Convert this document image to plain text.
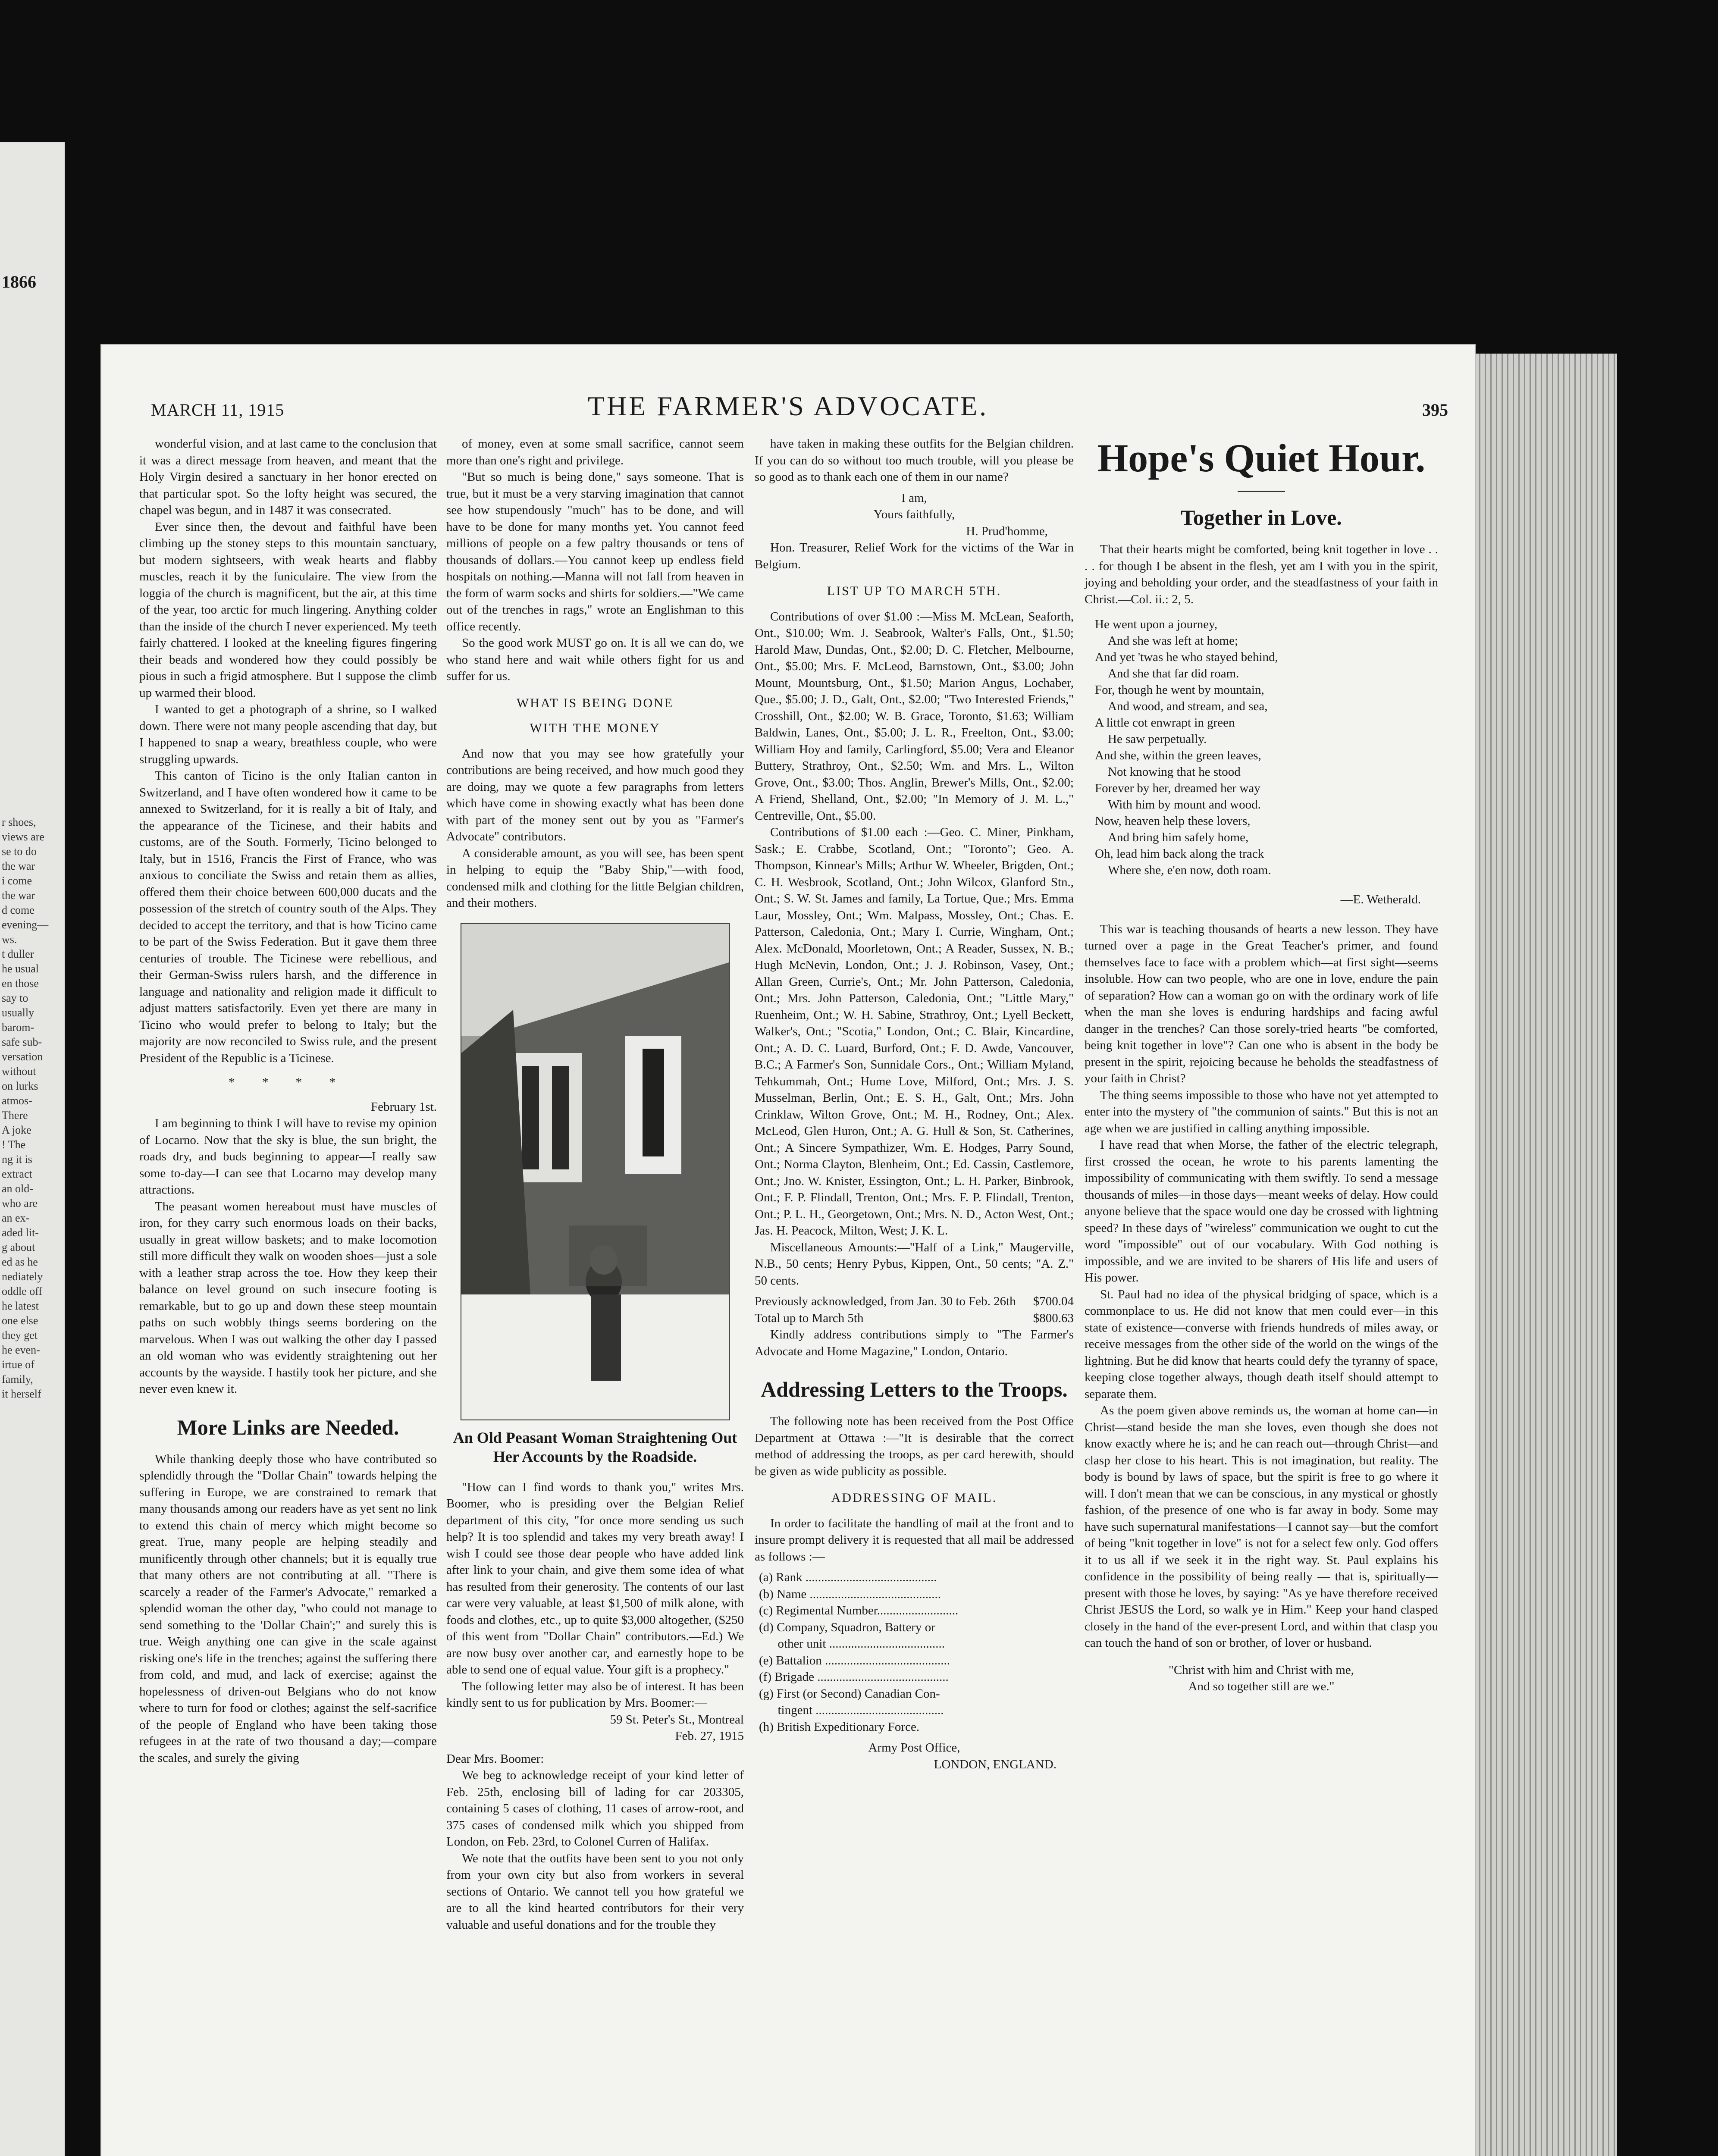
1866
r shoes,
views are
se to do
the war
i come
the war
d come
evening—
ws.
t duller
he usual
en those
say to
usually
barom-
safe sub-
versation
without
on lurks
atmos-
There
A joke
! The
ng it is
extract
an old-
who are
an ex-
aded lit-
g about
ed as he
nediately
oddle off
he latest
one else
they get
he even-
irtue of
family,
it herself
MARCH 11, 1915	THE FARMER'S ADVOCATE.	395

wonderful vision, and at last came to the conclusion that it was a direct message from heaven, and meant that the Holy Virgin desired a sanctuary in her honor erected on that particular spot. So the lofty height was secured, the chapel was begun, and in 1487 it was consecrated.

Ever since then, the devout and faithful have been climbing up the stoney steps to this mountain sanctuary, but modern sightseers, with weak hearts and flabby muscles, reach it by the funiculaire. The view from the loggia of the church is magnificent, but the air, at this time of the year, too arctic for much lingering. Anything colder than the inside of the church I never experienced. My teeth fairly chattered. I looked at the kneeling figures fingering their beads and wondered how they could possibly be pious in such a frigid atmosphere. But I suppose the climb up warmed their blood.

I wanted to get a photograph of a shrine, so I walked down. There were not many people ascending that day, but I happened to snap a weary, breathless couple, who were struggling upwards.

This canton of Ticino is the only Italian canton in Switzerland, and I have often wondered how it came to be annexed to Switzerland, for it is really a bit of Italy, and the appearance of the Ticinese, and their habits and customs, are of the South. Formerly, Ticino belonged to Italy, but in 1516, Francis the First of France, who was anxious to conciliate the Swiss and retain them as allies, offered them their choice between 600,000 ducats and the possession of the stretch of country south of the Alps. They decided to accept the territory, and that is how Ticino came to be part of the Swiss Federation. But it gave them three centuries of trouble. The Ticinese were rebellious, and their German-Swiss rulers harsh, and the difference in language and nationality and religion made it difficult to adjust matters satisfactorily. Even yet there are many in Ticino who would prefer to belong to Italy; but the majority are now reconciled to Swiss rule, and the present President of the Republic is a Ticinese.

* * * *
February 1st.

I am beginning to think I will have to revise my opinion of Locarno. Now that the sky is blue, the sun bright, the roads dry, and buds beginning to appear—I really saw some to-day—I can see that Locarno may develop many attractions.

The peasant women hereabout must have muscles of iron, for they carry such enormous loads on their backs, usually in great willow baskets; and to make locomotion still more difficult they walk on wooden shoes—just a sole with a leather strap across the toe. How they keep their balance on level ground on such insecure footing is remarkable, but to go up and down these steep mountain paths on such wobbly things seems bordering on the marvelous. When I was out walking the other day I passed an old woman who was evidently straightening out her accounts by the wayside. I hastily took her picture, and she never even knew it.

More Links are Needed.

While thanking deeply those who have contributed so splendidly through the "Dollar Chain" towards helping the suffering in Europe, we are constrained to remark that many thousands among our readers have as yet sent no link to extend this chain of mercy which might become so great. True, many people are helping steadily and munificently through other channels; but it is equally true that many others are not contributing at all. "There is scarcely a reader of the Farmer's Advocate," remarked a splendid woman the other day, "who could not manage to send something to the 'Dollar Chain';" and surely this is true. Weigh anything one can give in the scale against risking one's life in the trenches; against the suffering there from cold, and mud, and lack of exercise; against the hopelessness of driven-out Belgians who do not know where to turn for food or clothes; against the self-sacrifice of the people of England who have been taking those refugees in at the rate of two thousand a day;—compare the scales, and surely the giving

of money, even at some small sacrifice, cannot seem more than one's right and privilege.

"But so much is being done," says someone. That is true, but it must be a very starving imagination that cannot see how stupendously "much" has to be done, and will have to be done for many months yet. You cannot feed millions of people on a few paltry thousands or tens of thousands of dollars.—You cannot keep up endless field hospitals on nothing.—Manna will not fall from heaven in the form of warm socks and shirts for soldiers.—"We came out of the trenches in rags," wrote an Englishman to this office recently.

So the good work MUST go on. It is all we can do, we who stand here and wait while others fight for us and suffer for us.

WHAT IS BEING DONE
WITH THE MONEY

And now that you may see how gratefully your contributions are being received, and how much good they are doing, may we quote a few paragraphs from letters which have come in showing exactly what has been done with part of the money sent out by you as "Farmer's Advocate" contributors.

A considerable amount, as you will see, has been spent in helping to equip the "Baby Ship,"—with food, condensed milk and clothing for the little Belgian children, and their mothers.

An Old Peasant Woman Straightening Out Her Accounts by the Roadside.

"How can I find words to thank you," writes Mrs. Boomer, who is presiding over the Belgian Relief department of this city, "for once more sending us such help? It is too splendid and takes my very breath away! I wish I could see those dear people who have added link after link to your chain, and give them some idea of what has resulted from their generosity. The contents of our last car were very valuable, at least $1,500 of milk alone, with foods and clothes, etc., up to quite $3,000 altogether, ($250 of this went from "Dollar Chain" contributors.—Ed.) We are now busy over another car, and earnestly hope to be able to send one of equal value. Your gift is a prophecy."

The following letter may also be of interest. It has been kindly sent to us for publication by Mrs. Boomer:—

59 St. Peter's St., Montreal
Feb. 27, 1915
Dear Mrs. Boomer:

We beg to acknowledge receipt of your kind letter of Feb. 25th, enclosing bill of lading for car 203305, containing 5 cases of clothing, 11 cases of arrow-root, and 375 cases of condensed milk which you shipped from London, on Feb. 23rd, to Colonel Curren of Halifax.

We note that the outfits have been sent to you not only from your own city but also from workers in several sections of Ontario. We cannot tell you how grateful we are to all the kind hearted contributors for their very valuable and useful donations and for the trouble they

have taken in making these outfits for the Belgian children. If you can do so without too much trouble, will you please be so good as to thank each one of them in our name?

I am,
Yours faithfully,
H. Prud'homme,

Hon. Treasurer, Relief Work for the victims of the War in Belgium.

LIST UP TO MARCH 5TH.

Contributions of over $1.00 :—Miss M. McLean, Seaforth, Ont., $10.00; Wm. J. Seabrook, Walter's Falls, Ont., $1.50; Harold Maw, Dundas, Ont., $2.00; D. C. Fletcher, Melbourne, Ont., $5.00; Mrs. F. McLeod, Barnstown, Ont., $3.00; John Mount, Mountsburg, Ont., $1.50; Marion Angus, Lochaber, Que., $5.00; J. D., Galt, Ont., $2.00; "Two Interested Friends," Crosshill, Ont., $2.00; W. B. Grace, Toronto, $1.63; William Baldwin, Lanes, Ont., $5.00; J. L. R., Freelton, Ont., $3.00; William Hoy and family, Carlingford, $5.00; Vera and Eleanor Buttery, Strathroy, Ont., $2.50; Wm. and Mrs. L., Wilton Grove, Ont., $3.00; Thos. Anglin, Brewer's Mills, Ont., $2.00; A Friend, Shelland, Ont., $2.00; "In Memory of J. M. L.," Centreville, Ont., $5.00.

Contributions of $1.00 each :—Geo. C. Miner, Pinkham, Sask.; E. Crabbe, Scotland, Ont.; "Toronto"; Geo. A. Thompson, Kinnear's Mills; Arthur W. Wheeler, Brigden, Ont.; C. H. Wesbrook, Scotland, Ont.; John Wilcox, Glanford Stn., Ont.; S. W. St. James and family, La Tortue, Que.; Mrs. Emma Laur, Mossley, Ont.; Wm. Malpass, Mossley, Ont.; Chas. E. Patterson, Caledonia, Ont.; Mary I. Currie, Wingham, Ont.; Alex. McDonald, Moorletown, Ont.; A Reader, Sussex, N. B.; Hugh McNevin, London, Ont.; J. J. Robinson, Vasey, Ont.; Allan Green, Currie's, Ont.; Mr. John Patterson, Caledonia, Ont.; Mrs. John Patterson, Caledonia, Ont.; "Little Mary," Ruenheim, Ont.; W. H. Sabine, Strathroy, Ont.; Lyell Beckett, Walker's, Ont.; "Scotia," London, Ont.; C. Blair, Kincardine, Ont.; A. D. C. Luard, Burford, Ont.; F. D. Awde, Vancouver, B.C.; A Farmer's Son, Sunnidale Cors., Ont.; William Myland, Tehkummah, Ont.; Hume Love, Milford, Ont.; Mrs. J. S. Musselman, Berlin, Ont.; E. S. H., Galt, Ont.; Mrs. John Crinklaw, Wilton Grove, Ont.; M. H., Rodney, Ont.; Alex. McLeod, Glen Huron, Ont.; A. G. Hull & Son, St. Catherines, Ont.; A Sincere Sympathizer, Wm. E. Hodges, Parry Sound, Ont.; Norma Clayton, Blenheim, Ont.; Ed. Cassin, Castlemore, Ont.; Jno. W. Knister, Essington, Ont.; L. H. Parker, Binbrook, Ont.; F. P. Flindall, Trenton, Ont.; Mrs. F. P. Flindall, Trenton, Ont.; P. L. H., Georgetown, Ont.; Mrs. N. D., Acton West, Ont.; Jas. H. Peacock, Milton, West; J. K. L.

Miscellaneous Amounts:—"Half of a Link," Maugerville, N.B., 50 cents; Henry Pybus, Kippen, Ont., 50 cents; "A. Z." 50 cents.

Previously acknowledged, from Jan. 30 to Feb. 26th $700.04
Total up to March 5th	$800.63

Kindly address contributions simply to "The Farmer's Advocate and Home Magazine," London, Ontario.

Addressing Letters to the Troops.

The following note has been received from the Post Office Department at Ottawa :—"It is desirable that the correct method of addressing the troops, as per card herewith, should be given as wide publicity as possible.

ADDRESSING OF MAIL.

In order to facilitate the handling of mail at the front and to insure prompt delivery it is requested that all mail be addressed as follows :—

(a) Rank ..........................................
(b) Name ..........................................
(c) Regimental Number..........................
(d) Company, Squadron, Battery or
other unit .....................................
(e) Battalion ........................................
(f) Brigade ..........................................
(g) First (or Second) Canadian Con-
tingent .........................................
(h) British Expeditionary Force.
Army Post Office,
LONDON, ENGLAND.
Hope's Quiet Hour.
Together in Love.

That their hearts might be comforted, being knit together in love . . . . for though I be absent in the flesh, yet am I with you in the spirit, joying and beholding your order, and the steadfastness of your faith in Christ.—Col. ii.: 2, 5.

He went upon a journey,
And she was left at home;
And yet 'twas he who stayed behind,
And she that far did roam.
For, though he went by mountain,
And wood, and stream, and sea,
A little cot enwrapt in green
He saw perpetually.
And she, within the green leaves,
Not knowing that he stood
Forever by her, dreamed her way
With him by mount and wood.
Now, heaven help these lovers,
And bring him safely home,
Oh, lead him back along the track
Where she, e'en now, doth roam.
—E. Wetherald.

This war is teaching thousands of hearts a new lesson. They have turned over a page in the Great Teacher's primer, and found themselves face to face with a problem which—at first sight—seems insoluble. How can two people, who are one in love, endure the pain of separation? How can a woman go on with the ordinary work of life when the man she loves is enduring hardships and facing awful danger in the trenches? Can those sorely-tried hearts "be comforted, being knit together in love"? Can one who is absent in the body be present in the spirit, rejoicing because he beholds the steadfastness of your faith in Christ?

The thing seems impossible to those who have not yet attempted to enter into the mystery of "the communion of saints." But this is not an age when we are justified in calling anything impossible.

I have read that when Morse, the father of the electric telegraph, first crossed the ocean, he wrote to his parents lamenting the impossibility of communicating with them swiftly. To send a message thousands of miles—in those days—meant weeks of delay. How could anyone believe that the space would one day be crossed with lightning speed? In these days of "wireless" communication we ought to cut the word "impossible" out of our vocabulary. With God nothing is impossible, and we are invited to be sharers of His life and users of His power.

St. Paul had no idea of the physical bridging of space, which is a commonplace to us. He did not know that men could ever—in this state of existence—converse with friends hundreds of miles away, or receive messages from the other side of the world on the wings of the lightning. But he did know that hearts could defy the tyranny of space, keeping close together always, though death itself should attempt to separate them.

As the poem given above reminds us, the woman at home can—in Christ—stand beside the man she loves, even though she does not know exactly where he is; and he can reach out—through Christ—and clasp her close to his heart. This is not imagination, but reality. The body is bound by laws of space, but the spirit is free to go where it will. I don't mean that we can be conscious, in any mystical or ghostly fashion, of the presence of one who is far away in body. Some may have such supernatural manifestations—I cannot say—but the comfort of being "knit together in love" is not for a select few only. God offers it to us all if we seek it in the right way. St. Paul explains his confidence in the possibility of being really — that is, spiritually—present with those he loves, by saying: "As ye have therefore received Christ JESUS the Lord, so walk ye in Him." Keep your hand clasped closely in the hand of the ever-present Lord, and within that clasp you can touch the hand of son or brother, of lover or husband.

"Christ with him and Christ with me,
And so together still are we."
